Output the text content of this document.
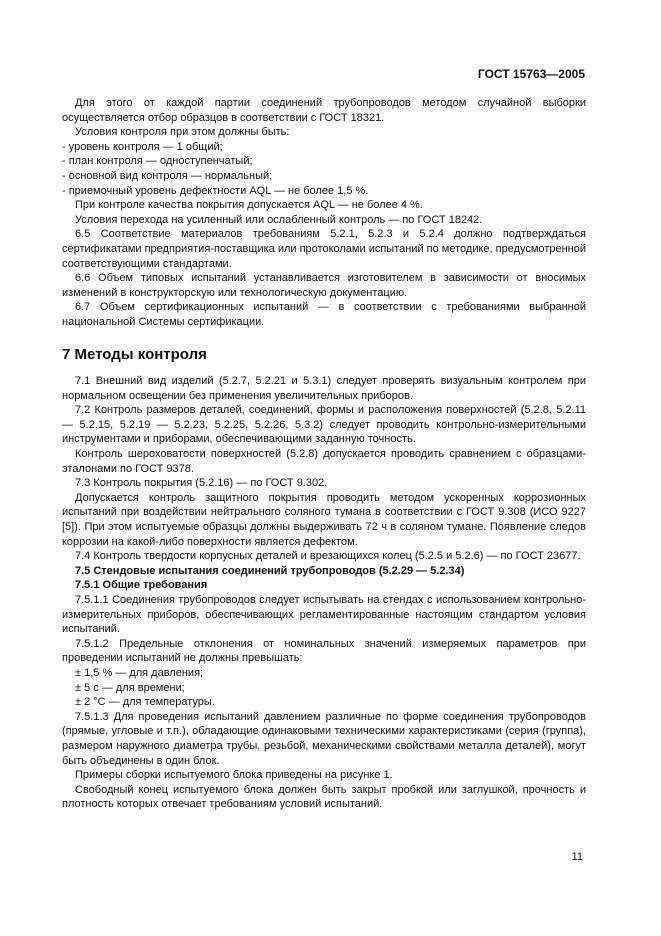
ГОСТ 15763—2005

Для этого от каждой партии соединений трубопроводов методом случайной выборки осуществляется отбор образцов в соответствии с ГОСТ 18321.

Условия контроля при этом должны быть:

- уровень контроля — 1 общий;

- план контроля — одноступенчатый;

- основной вид контроля — нормальный;

- приемочный уровень дефектности AQL — не более 1,5 %.

При контроле качества покрытия допускается AQL — не более 4 %.

Условия перехода на усиленный или ослабленный контроль — по ГОСТ 18242.

6.5 Соответствие материалов требованиям 5.2.1, 5.2.3 и 5.2.4 должно подтверждаться сертификатами предприятия-поставщика или протоколами испытаний по методике, предусмотренной соответствующими стандартами.

6.6 Объем типовых испытаний устанавливается изготовителем в зависимости от вносимых изменений в конструкторскую или технологическую документацию.

6.7 Объем сертификационных испытаний — в соответствии с требованиями выбранной национальной Системы сертификации.

7 Методы контроля

7.1 Внешний вид изделий (5.2.7, 5.2.21 и 5.3.1) следует проверять визуальным контролем при нормальном освещении без применения увеличительных приборов.

7.2 Контроль размеров деталей, соединений, формы и расположения поверхностей (5.2.8, 5.2.11 — 5.2.15, 5.2.19 — 5.2.23, 5.2.25, 5.2.26, 5.3.2) следует проводить контрольно-измерительными инструментами и приборами, обеспечивающими заданную точность.

Контроль шероховатости поверхностей (5.2.8) допускается проводить сравнением с образцами-эталонами по ГОСТ 9378.

7.3 Контроль покрытия (5.2.16) — по ГОСТ 9.302.

Допускается контроль защитного покрытия проводить методом ускоренных коррозионных испытаний при воздействии нейтрального соляного тумана в соответствии с ГОСТ 9.308 (ИСО 9227 [5]). При этом испытуемые образцы должны выдерживать 72 ч в соляном тумане. Появление следов коррозии на какой-либо поверхности является дефектом.

7.4 Контроль твердости корпусных деталей и врезающихся колец (5.2.5 и 5.2.6) — по ГОСТ 23677.

7.5 Стендовые испытания соединений трубопроводов (5.2.29 — 5.2.34)

7.5.1 Общие требования

7.5.1.1 Соединения трубопроводов следует испытывать на стендах с использованием контрольно-измерительных приборов, обеспечивающих регламентированные настоящим стандартом условия испытаний.

7.5.1.2 Предельные отклонения от номинальных значений измеряемых параметров при проведении испытаний не должны превышать:

± 1,5 % — для давления;

± 5 с — для времени;

± 2 °С — для температуры.

7.5.1.3 Для проведения испытаний давлением различные по форме соединения трубопроводов (прямые, угловые и т.п.), обладающие одинаковыми техническими характеристиками (серия (группа), размером наружного диаметра трубы, резьбой, механическими свойствами металла деталей), могут быть объединены в один блок.

Примеры сборки испытуемого блока приведены на рисунке 1.

Свободный конец испытуемого блока должен быть закрыт пробкой или заглушкой, прочность и плотность которых отвечает требованиям условий испытаний.

11
